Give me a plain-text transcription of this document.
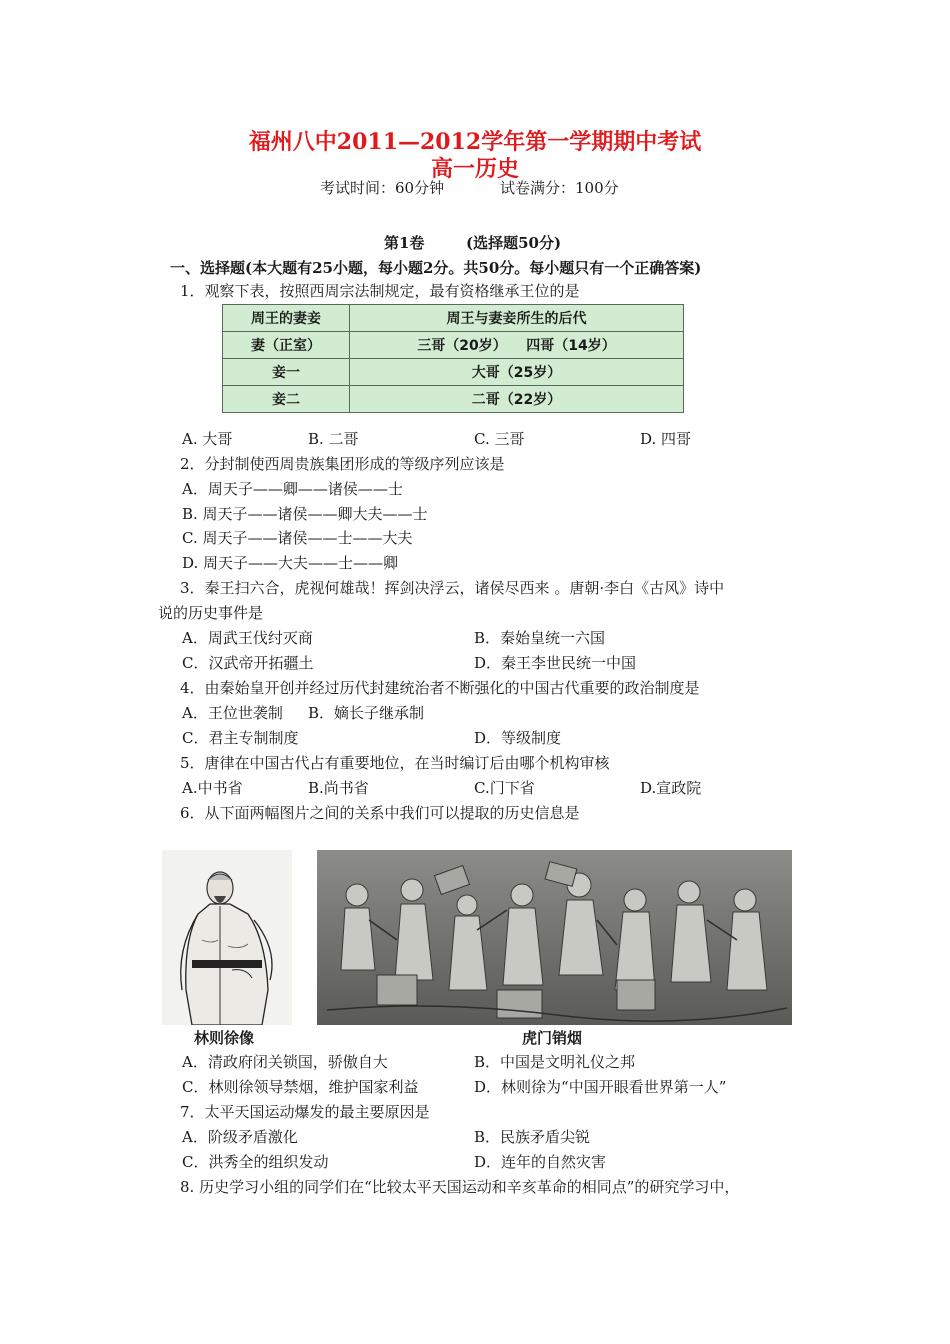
福州八中2011—2012学年第一学期期中考试
高一历史
考试时间：60分钟	试卷满分：100分
第1卷	(选择题50分)
一、选择题(本大题有25小题，每小题2分。共50分。每小题只有一个正确答案)
1．观察下表，按照西周宗法制规定，最有资格继承王位的是
周王的妻妾	周王与妻妾所生的后代
妻（正室）	三哥（20岁）    四哥（14岁）
妾一	大哥（25岁）
妾二	二哥（22岁）
A. 大哥	B. 二哥	C. 三哥	D. 四哥
2．分封制使西周贵族集团形成的等级序列应该是
A．周天子——卿——诸侯——士
B. 周天子——诸侯——卿大夫——士
C. 周天子——诸侯——士——大夫
D. 周天子——大夫——士——卿
3．秦王扫六合，虎视何雄哉！挥剑决浮云，诸侯尽西来 。唐朝·李白《古风》诗中
说的历史事件是
A．周武王伐纣灭商	B．秦始皇统一六国
C．汉武帝开拓疆土	D．秦王李世民统一中国
4．由秦始皇开创并经过历代封建统治者不断强化的中国古代重要的政治制度是
A．王位世袭制 B．嫡长子继承制
C．君主专制制度	D．等级制度
5．唐律在中国古代占有重要地位，在当时编订后由哪个机构审核
A.中书省	B.尚书省	C.门下省	D.宣政院
6．从下面两幅图片之间的关系中我们可以提取的历史信息是
林则徐像	虎门销烟
A．清政府闭关锁国，骄傲自大	B．中国是文明礼仪之邦
C．林则徐领导禁烟，维护国家利益	D．林则徐为“中国开眼看世界第一人”
7．太平天国运动爆发的最主要原因是
A．阶级矛盾激化	B．民族矛盾尖锐
C．洪秀全的组织发动	D．连年的自然灾害
8. 历史学习小组的同学们在“比较太平天国运动和辛亥革命的相同点”的研究学习中，
